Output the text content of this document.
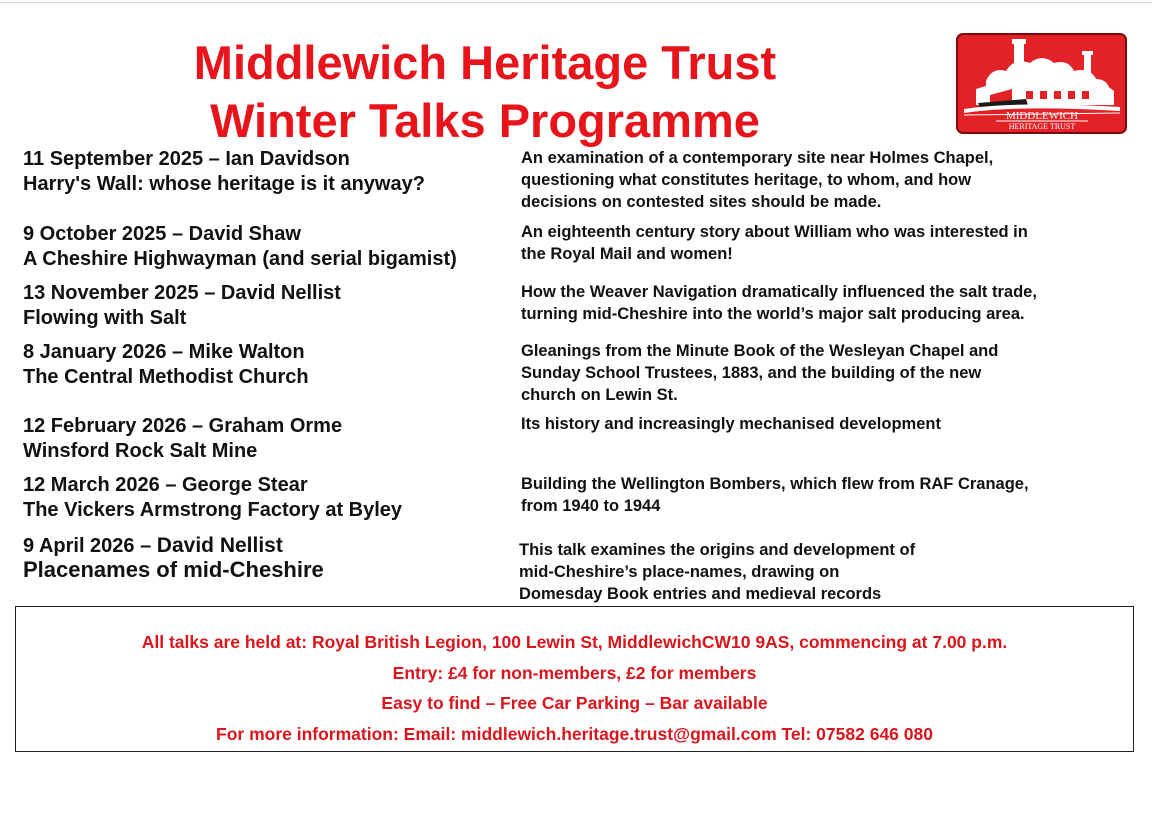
Middlewich Heritage Trust
Winter Talks Programme	MIDDLEWICH
HERITAGE TRUST
11 September 2025 – Ian Davidson
Harry's Wall: whose heritage is it anyway?
An examination of a contemporary site near Holmes Chapel,
questioning what constitutes heritage, to whom, and how
decisions on contested sites should be made.
9 October 2025 – David Shaw
A Cheshire Highwayman (and serial bigamist)
An eighteenth century story about William who was interested in
the Royal Mail and women!
13 November 2025 – David Nellist
Flowing with Salt
How the Weaver Navigation dramatically influenced the salt trade,
turning mid-Cheshire into the world’s major salt producing area.
8 January 2026 – Mike Walton
The Central Methodist Church
Gleanings from the Minute Book of the Wesleyan Chapel and
Sunday School Trustees, 1883, and the building of the new
church on Lewin St.
12 February 2026 – Graham Orme
Winsford Rock Salt Mine
Its history and increasingly mechanised development
12 March 2026 – George Stear
The Vickers Armstrong Factory at Byley
Building the Wellington Bombers, which flew from RAF Cranage,
from 1940 to 1944
9 April 2026 – David Nellist
Placenames of mid-Cheshire
This talk examines the origins and development of
mid-Cheshire’s place-names, drawing on
Domesday Book entries and medieval records
All talks are held at: Royal British Legion, 100 Lewin St, MiddlewichCW10 9AS, commencing at 7.00 p.m.
Entry: £4 for non-members, £2 for members
Easy to find – Free Car Parking – Bar available
For more information: Email: middlewich.heritage.trust@gmail.com Tel: 07582 646 080
